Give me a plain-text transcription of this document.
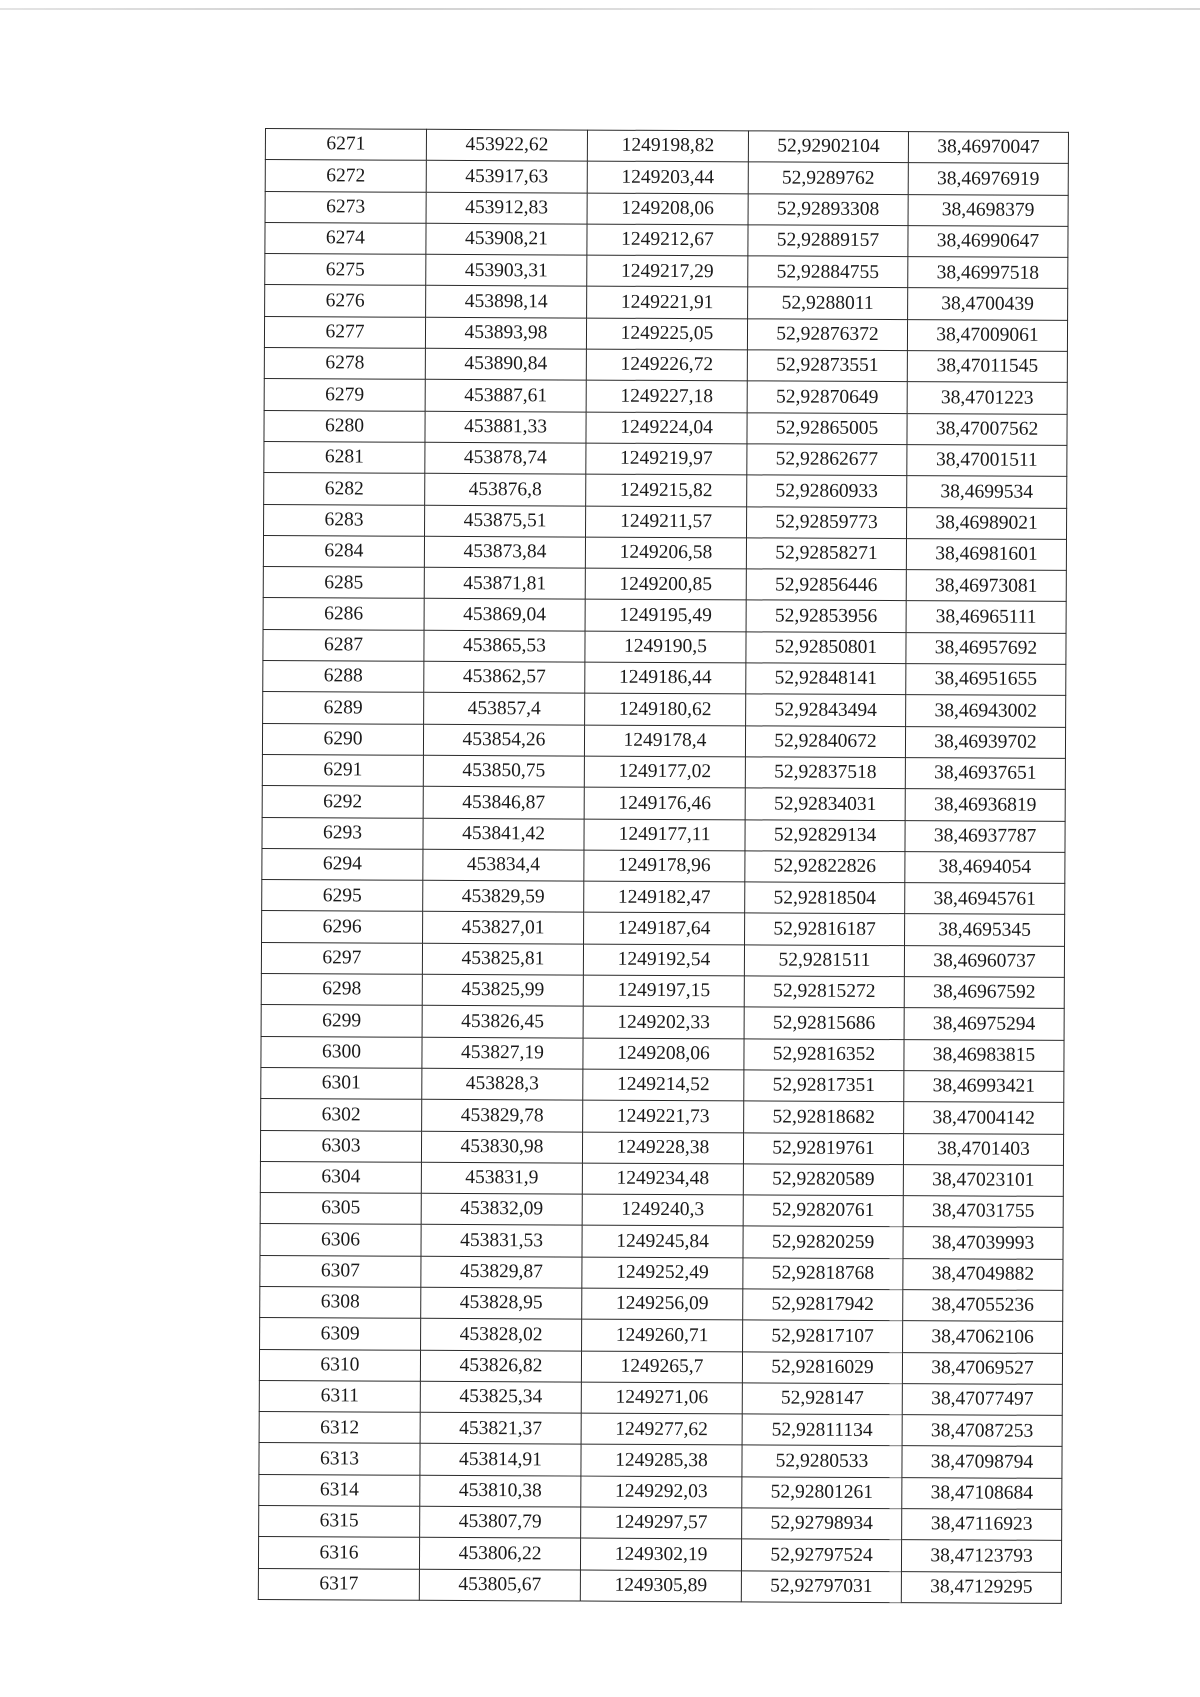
6271	453922,62	1249198,82	52,92902104	38,46970047
6272	453917,63	1249203,44	52,9289762	38,46976919
6273	453912,83	1249208,06	52,92893308	38,4698379
6274	453908,21	1249212,67	52,92889157	38,46990647
6275	453903,31	1249217,29	52,92884755	38,46997518
6276	453898,14	1249221,91	52,9288011	38,4700439
6277	453893,98	1249225,05	52,92876372	38,47009061
6278	453890,84	1249226,72	52,92873551	38,47011545
6279	453887,61	1249227,18	52,92870649	38,4701223
6280	453881,33	1249224,04	52,92865005	38,47007562
6281	453878,74	1249219,97	52,92862677	38,47001511
6282	453876,8	1249215,82	52,92860933	38,4699534
6283	453875,51	1249211,57	52,92859773	38,46989021
6284	453873,84	1249206,58	52,92858271	38,46981601
6285	453871,81	1249200,85	52,92856446	38,46973081
6286	453869,04	1249195,49	52,92853956	38,46965111
6287	453865,53	1249190,5	52,92850801	38,46957692
6288	453862,57	1249186,44	52,92848141	38,46951655
6289	453857,4	1249180,62	52,92843494	38,46943002
6290	453854,26	1249178,4	52,92840672	38,46939702
6291	453850,75	1249177,02	52,92837518	38,46937651
6292	453846,87	1249176,46	52,92834031	38,46936819
6293	453841,42	1249177,11	52,92829134	38,46937787
6294	453834,4	1249178,96	52,92822826	38,4694054
6295	453829,59	1249182,47	52,92818504	38,46945761
6296	453827,01	1249187,64	52,92816187	38,4695345
6297	453825,81	1249192,54	52,9281511	38,46960737
6298	453825,99	1249197,15	52,92815272	38,46967592
6299	453826,45	1249202,33	52,92815686	38,46975294
6300	453827,19	1249208,06	52,92816352	38,46983815
6301	453828,3	1249214,52	52,92817351	38,46993421
6302	453829,78	1249221,73	52,92818682	38,47004142
6303	453830,98	1249228,38	52,92819761	38,4701403
6304	453831,9	1249234,48	52,92820589	38,47023101
6305	453832,09	1249240,3	52,92820761	38,47031755
6306	453831,53	1249245,84	52,92820259	38,47039993
6307	453829,87	1249252,49	52,92818768	38,47049882
6308	453828,95	1249256,09	52,92817942	38,47055236
6309	453828,02	1249260,71	52,92817107	38,47062106
6310	453826,82	1249265,7	52,92816029	38,47069527
6311	453825,34	1249271,06	52,928147	38,47077497
6312	453821,37	1249277,62	52,92811134	38,47087253
6313	453814,91	1249285,38	52,9280533	38,47098794
6314	453810,38	1249292,03	52,92801261	38,47108684
6315	453807,79	1249297,57	52,92798934	38,47116923
6316	453806,22	1249302,19	52,92797524	38,47123793
6317	453805,67	1249305,89	52,92797031	38,47129295
